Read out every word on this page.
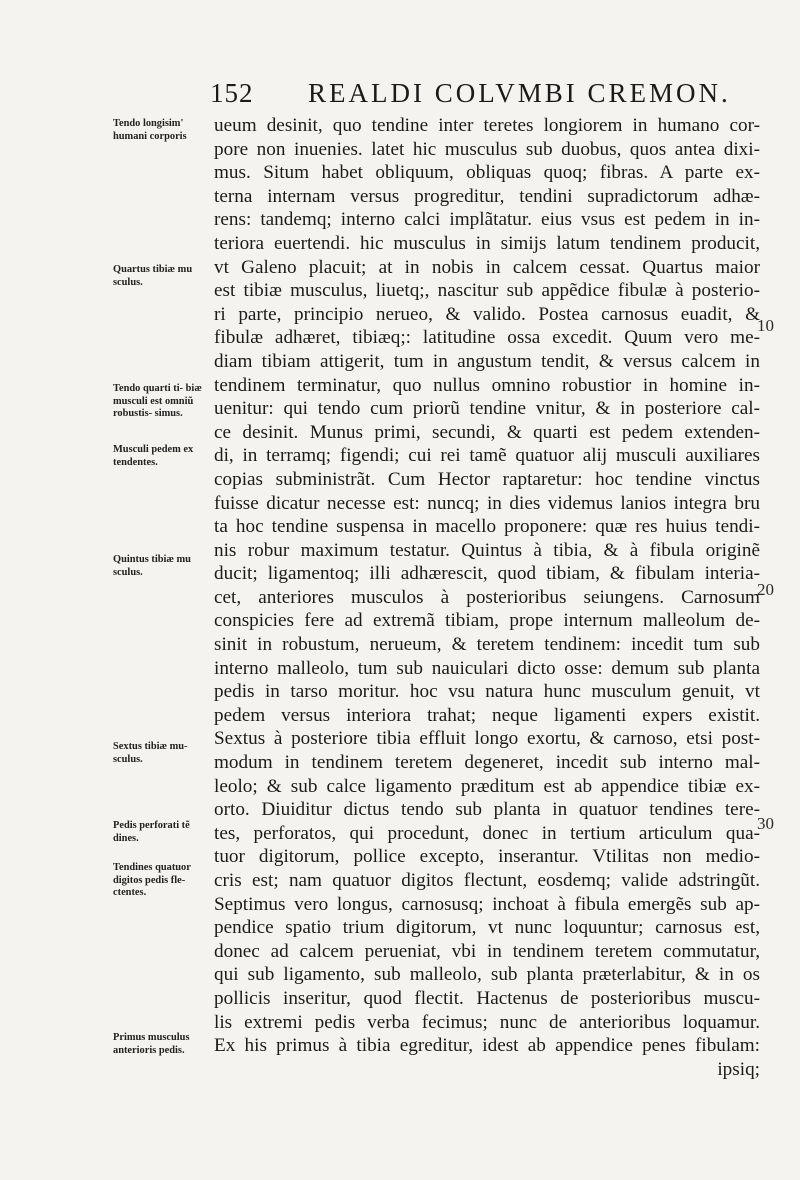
152 REALDI COLVMBI CREMON.
ueum desinit, quo tendine inter teretes longiorem in humano cor-
pore non inuenies. latet hic musculus sub duobus, quos antea dixi-
mus. Situm habet obliquum, obliquas quoq; fibras. A parte ex-
terna internam versus progreditur, tendini supradictorum adhæ-
rens: tandemq; interno calci implãtatur. eius vsus est pedem in in-
teriora euertendi. hic musculus in simijs latum tendinem producit,
vt Galeno placuit; at in nobis in calcem cessat. Quartus maior
est tibiæ musculus, liuetq;, nascitur sub appẽdice fibulæ à posterio-
ri parte, principio nerueo, & valido. Postea carnosus euadit, &
fibulæ adhæret, tibiæq;: latitudine ossa excedit. Quum vero me-
diam tibiam attigerit, tum in angustum tendit, & versus calcem in
tendinem terminatur, quo nullus omnino robustior in homine in-
uenitur: qui tendo cum priorũ tendine vnitur, & in posteriore cal-
ce desinit. Munus primi, secundi, & quarti est pedem extenden-
di, in terramq; figendi; cui rei tamẽ quatuor alij musculi auxiliares
copias subministrãt. Cum Hector raptaretur: hoc tendine vinctus
fuisse dicatur necesse est: nuncq; in dies videmus lanios integra bru
ta hoc tendine suspensa in macello proponere: quæ res huius tendi-
nis robur maximum testatur. Quintus à tibia, & à fibula originẽ
ducit; ligamentoq; illi adhærescit, quod tibiam, & fibulam interia-
cet, anteriores musculos à posterioribus seiungens. Carnosum
conspicies fere ad extremã tibiam, prope internum malleolum de-
sinit in robustum, nerueum, & teretem tendinem: incedit tum sub
interno malleolo, tum sub nauiculari dicto osse: demum sub planta
pedis in tarso moritur. hoc vsu natura hunc musculum genuit, vt
pedem versus interiora trahat; neque ligamenti expers existit.
Sextus à posteriore tibia effluit longo exortu, & carnoso, etsi post-
modum in tendinem teretem degeneret, incedit sub interno mal-
leolo; & sub calce ligamento præditum est ab appendice tibiæ ex-
orto. Diuiditur dictus tendo sub planta in quatuor tendines tere-
tes, perforatos, qui procedunt, donec in tertium articulum qua-
tuor digitorum, pollice excepto, inserantur. Vtilitas non medio-
cris est; nam quatuor digitos flectunt, eosdemq; valide adstringũt.
Septimus vero longus, carnosusq; inchoat à fibula emergẽs sub ap-
pendice spatio trium digitorum, vt nunc loquuntur; carnosus est,
donec ad calcem perueniat, vbi in tendinem teretem commutatur,
qui sub ligamento, sub malleolo, sub planta præterlabitur, & in os
pollicis inseritur, quod flectit. Hactenus de posterioribus muscu-
lis extremi pedis verba fecimus; nunc de anterioribus loquamur.
Ex his primus à tibia egreditur, idest ab appendice penes fibulam:
ipsiq;
Tendo longisim' humani corporis
Quartus tibiæ mu sculus.
Tendo quarti ti- biæ musculi est omniũ robustis- simus.
Musculi pedem ex tendentes.
Quintus tibiæ mu sculus.
Sextus tibiæ mu- sculus.
Pedis perforati tẽ dines.
Tendines quatuor digitos pedis fle- ctentes.
Primus musculus anterioris pedis.
10
20
30
